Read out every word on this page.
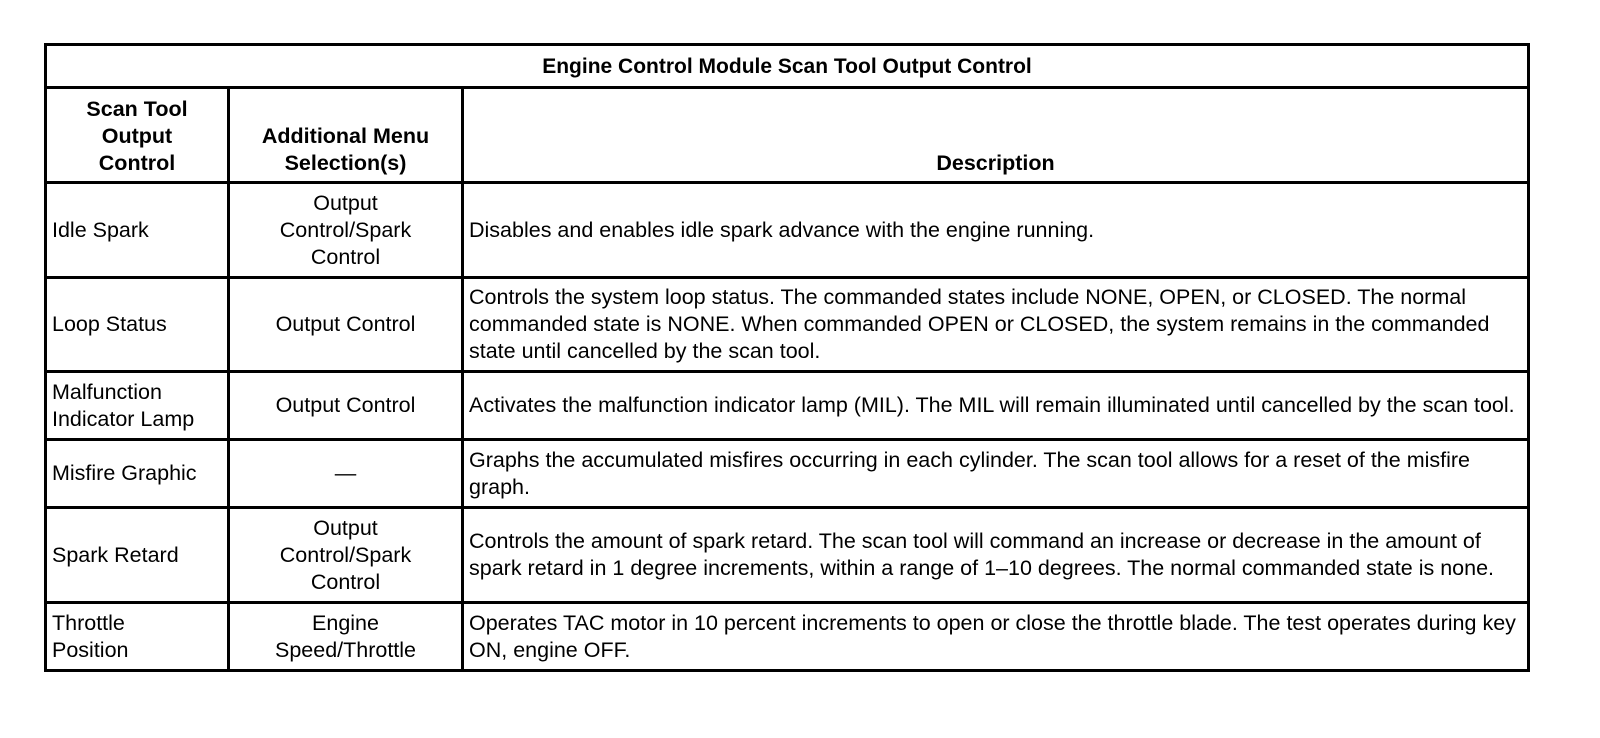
Engine Control Module Scan Tool Output Control		
Scan Tool Output Control	Additional Menu Selection(s)	Description
Idle Spark	Output Control/Spark Control	Disables and enables idle spark advance with the engine running.
Loop Status	Output Control	Controls the system loop status. The commanded states include NONE, OPEN, or CLOSED. The normal commanded state is NONE. When commanded OPEN or CLOSED, the system remains in the commanded state until cancelled by the scan tool.
Malfunction Indicator Lamp	Output Control	Activates the malfunction indicator lamp (MIL). The MIL will remain illuminated until cancelled by the scan tool.
Misfire Graphic	—	Graphs the accumulated misfires occurring in each cylinder. The scan tool allows for a reset of the misfire graph.
Spark Retard	Output Control/Spark Control	Controls the amount of spark retard. The scan tool will command an increase or decrease in the amount of spark retard in 1 degree increments, within a range of 1–10 degrees. The normal commanded state is none.
Throttle Position	Engine Speed/Throttle	Operates TAC motor in 10 percent increments to open or close the throttle blade. The test operates during key ON, engine OFF.
